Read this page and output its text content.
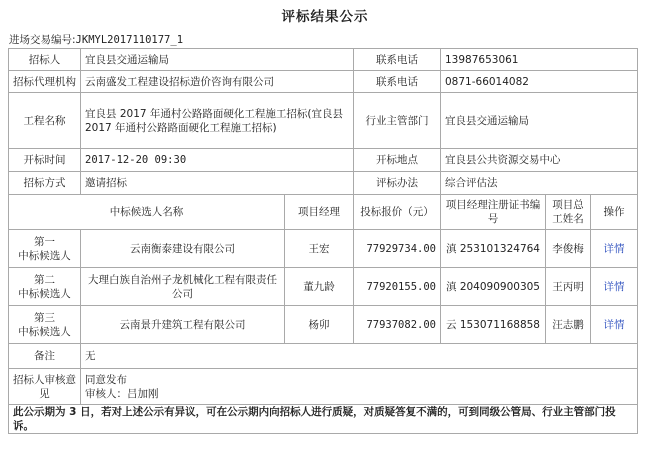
评标结果公示
进场交易编号:JKMYL2017110177_1
招标人	宜良县交通运输局		联系电话	13987653061		
招标代理机构	云南盛发工程建设招标造价咨询有限公司		联系电话	0871-66014082		
工程名称	宜良县 2017 年通村公路路面硬化工程施工招标(宜良县 2017 年通村公路路面硬化工程施工招标)		行业主管部门	宜良县交通运输局		
开标时间	2017-12-20 09:30		开标地点	宜良县公共资源交易中心		
招标方式	邀请招标		评标办法	综合评估法		
中标候选人名称		项目经理	投标报价（元）	项目经理注册证书编号	项目总工姓名	操作

第一
中标候选人	云南衡泰建设有限公司	王宏	77929734.00	滇 253101324764	李俊梅	详情

第二
中标候选人	大理白族自治州子龙机械化工程有限责任公司	董九龄	77920155.00	滇 204090900305	王丙明	详情

第三
中标候选人	云南景升建筑工程有限公司	杨卯	77937082.00	云 153071168858	汪志鹏	详情
备注	无					
招标人审核意见	同意发布
审核人：吕加刚					

此公示期为 3 日，若对上述公示有异议，可在公示期内向招标人进行质疑，对质疑答复不满的，可到同级公管局、行业主管部门投诉。						
